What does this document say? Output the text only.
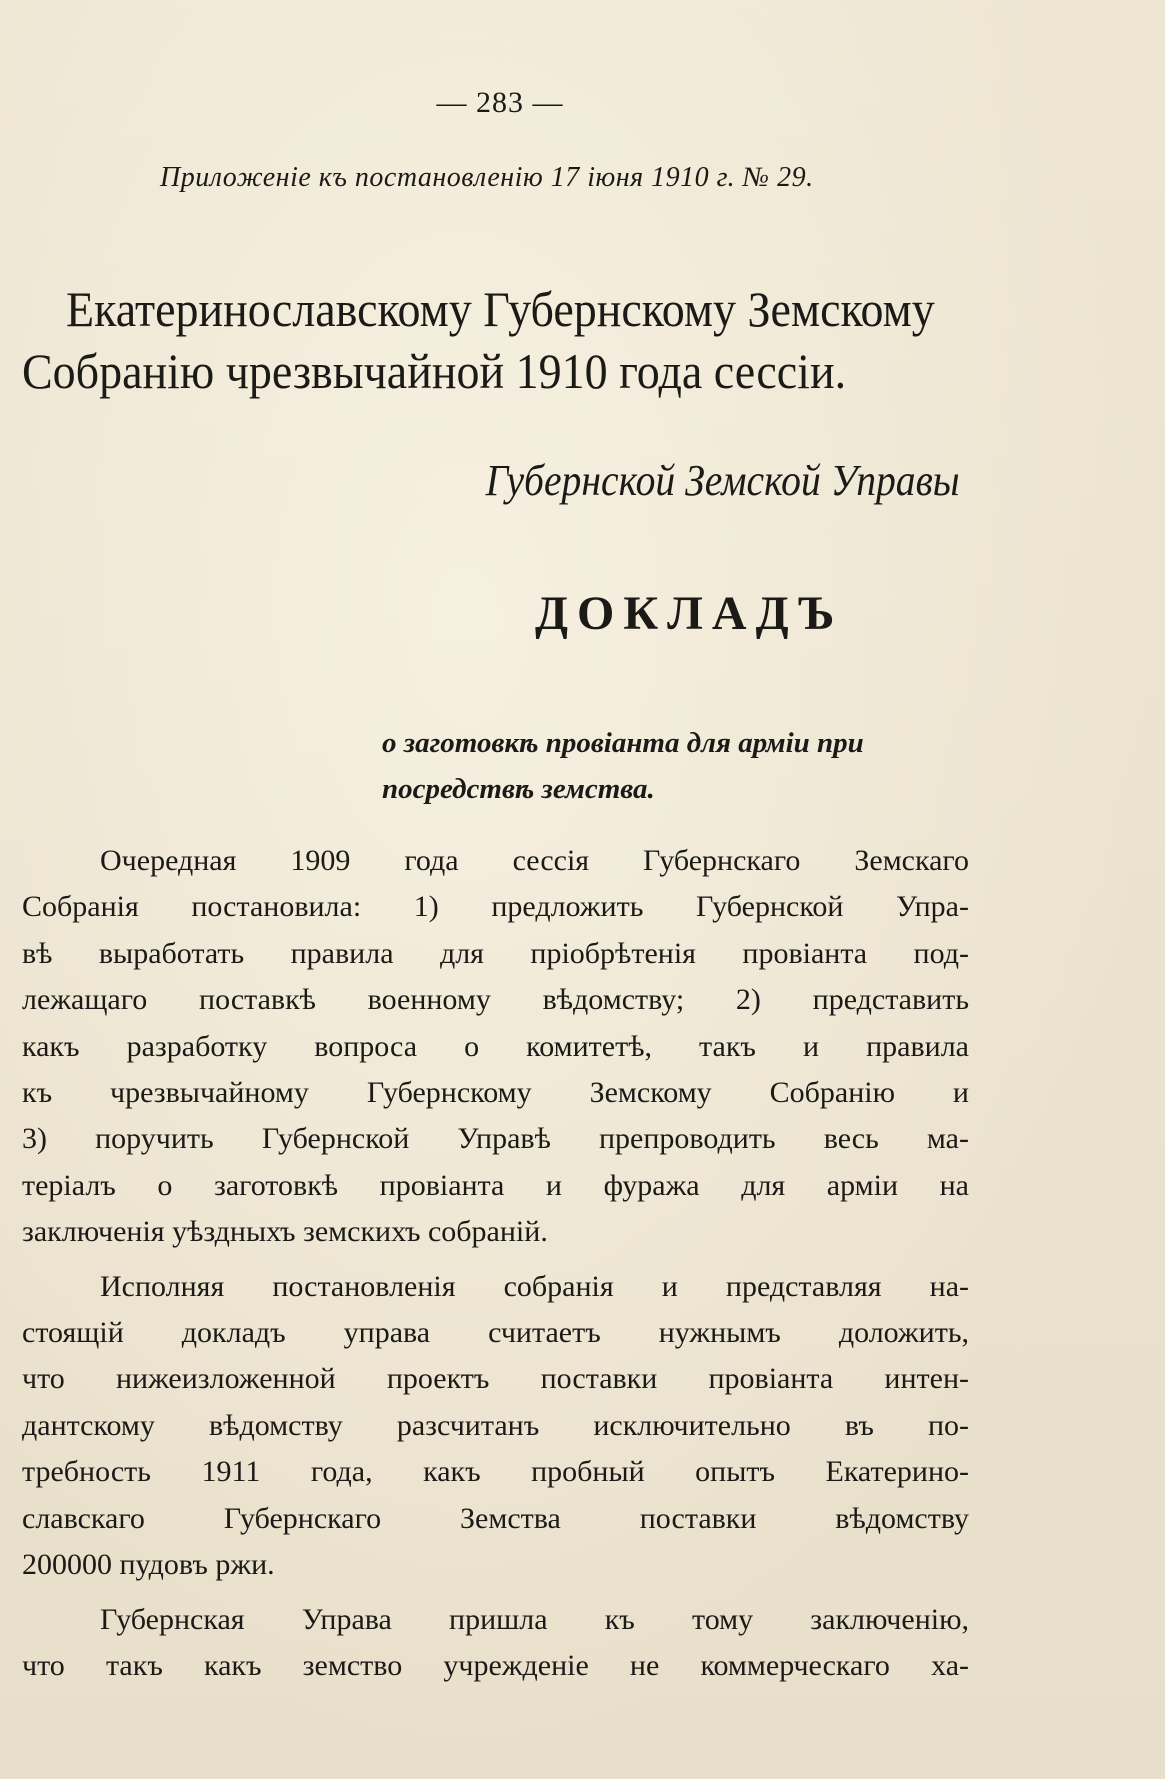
— 283 —
Приложеніе къ постановленію 17 іюня 1910 г. № 29.
Екатеринославскому Губернскому Земскому
Собранію чрезвычайной 1910 года сессіи.
Губернской Земской Управы
ДОКЛАДЪ
о заготовкѣ провіанта для арміи при
посредствѣ земства.
Очередная 1909 года сессія Губернскаго Земскаго
Собранія постановила: 1) предложить Губернской Упра-
вѣ выработать правила для пріобрѣтенія провіанта под-
лежащаго поставкѣ военному вѣдомству; 2) представить
какъ разработку вопроса о комитетѣ, такъ и правила
къ чрезвычайному Губернскому Земскому Собранію и
3) поручить Губернской Управѣ препроводить весь ма-
теріалъ о заготовкѣ провіанта и фуража для арміи на
заключенія уѣздныхъ земскихъ собраній.
Исполняя постановленія собранія и представляя на-
стоящій докладъ управа считаетъ нужнымъ доложить,
что нижеизложенной проектъ поставки провіанта интен-
дантскому вѣдомству разсчитанъ исключительно въ по-
требность 1911 года, какъ пробный опытъ Екатерино-
славскаго Губернскаго Земства поставки вѣдомству
200000 пудовъ ржи.
Губернская Управа пришла къ тому заключенію,
что такъ какъ земство учрежденіе не коммерческаго ха-
